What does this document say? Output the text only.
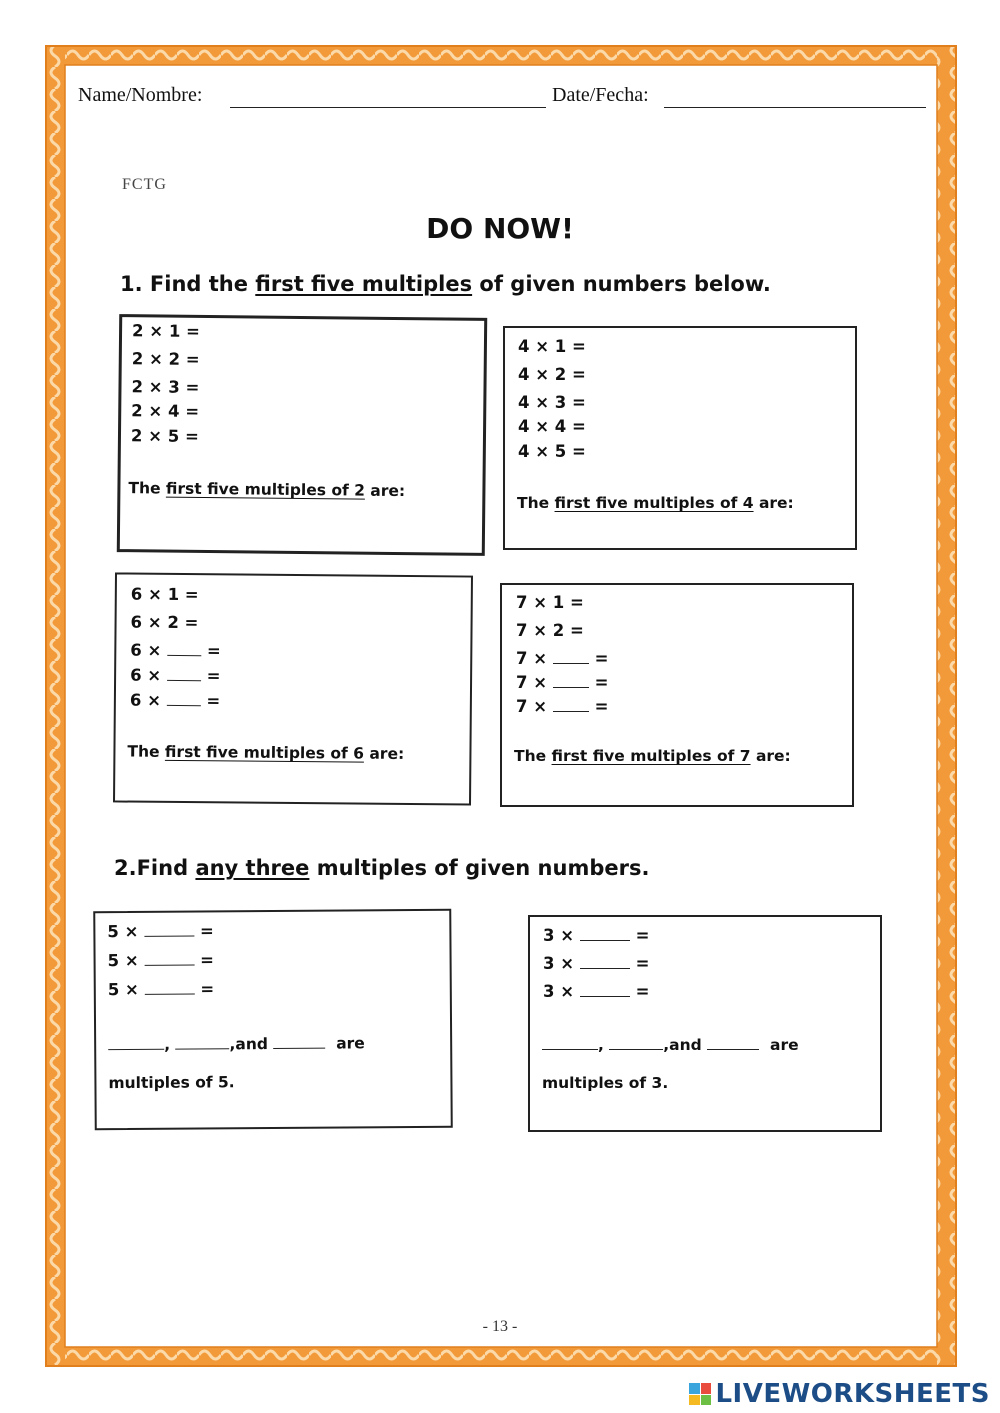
Name/Nombre:	Date/Fecha:
FCTG
DO NOW!
1. Find the first five multiples of given numbers below.
2 × 1 =
2 × 2 =
2 × 3 =
2 × 4 =
2 × 5 =
The first five multiples of 2 are:
4 × 1 =
4 × 2 =
4 × 3 =
4 × 4 =
4 × 5 =
The first five multiples of 4 are:
6 × 1 =
6 × 2 =
6 ×	=
6 ×	=
6 ×	=
The first five multiples of 6 are:
7 × 1 =
7 × 2 =
7 ×	=
7 ×	=
7 ×	=
The first five multiples of 7 are:
2.Find any three multiples of given numbers.
5 ×	=
5 ×	=
5 ×	=
,	,and	are
multiples of 5.
3 ×	=
3 ×	=
3 ×	=
,	,and	are
multiples of 3.
- 13 -
LIVEWORKSHEETS
